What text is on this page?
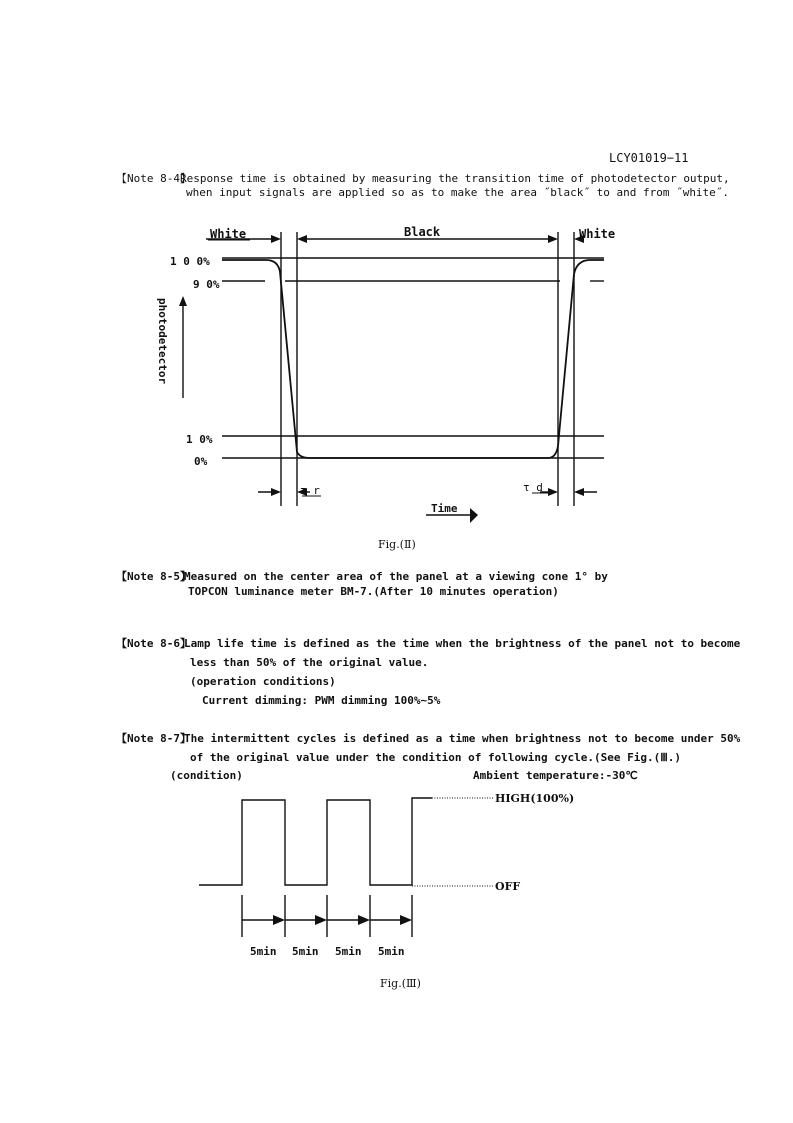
LCY01019−11
【Note 8-4】
Response time is obtained by measuring the transition time of photodetector output,
when input signals are applied so as to make the area ˝black˝ to and from ˝white˝.
White	Black	White
1 0 0%
9 0%
1 0%
0%
photodetector
τ r	τ d
Time
Fig.(Ⅱ)
【Note 8-5】
Measured on the center area of the panel at a viewing cone 1° by
TOPCON luminance meter BM-7.(After 10 minutes operation)
【Note 8-6】
Lamp life time is defined as the time when the brightness of the panel not to become
less than 50% of the original value.
(operation conditions)
Current dimming: PWM dimming 100%~5%
【Note 8-7】
The intermittent cycles is defined as a time when brightness not to become under 50%
of the original value under the condition of following cycle.(See Fig.(Ⅲ.)
(condition)	Ambient temperature:-30℃
HIGH(100%)
OFF
5min 5min 5min 5min
Fig.(Ⅲ)
